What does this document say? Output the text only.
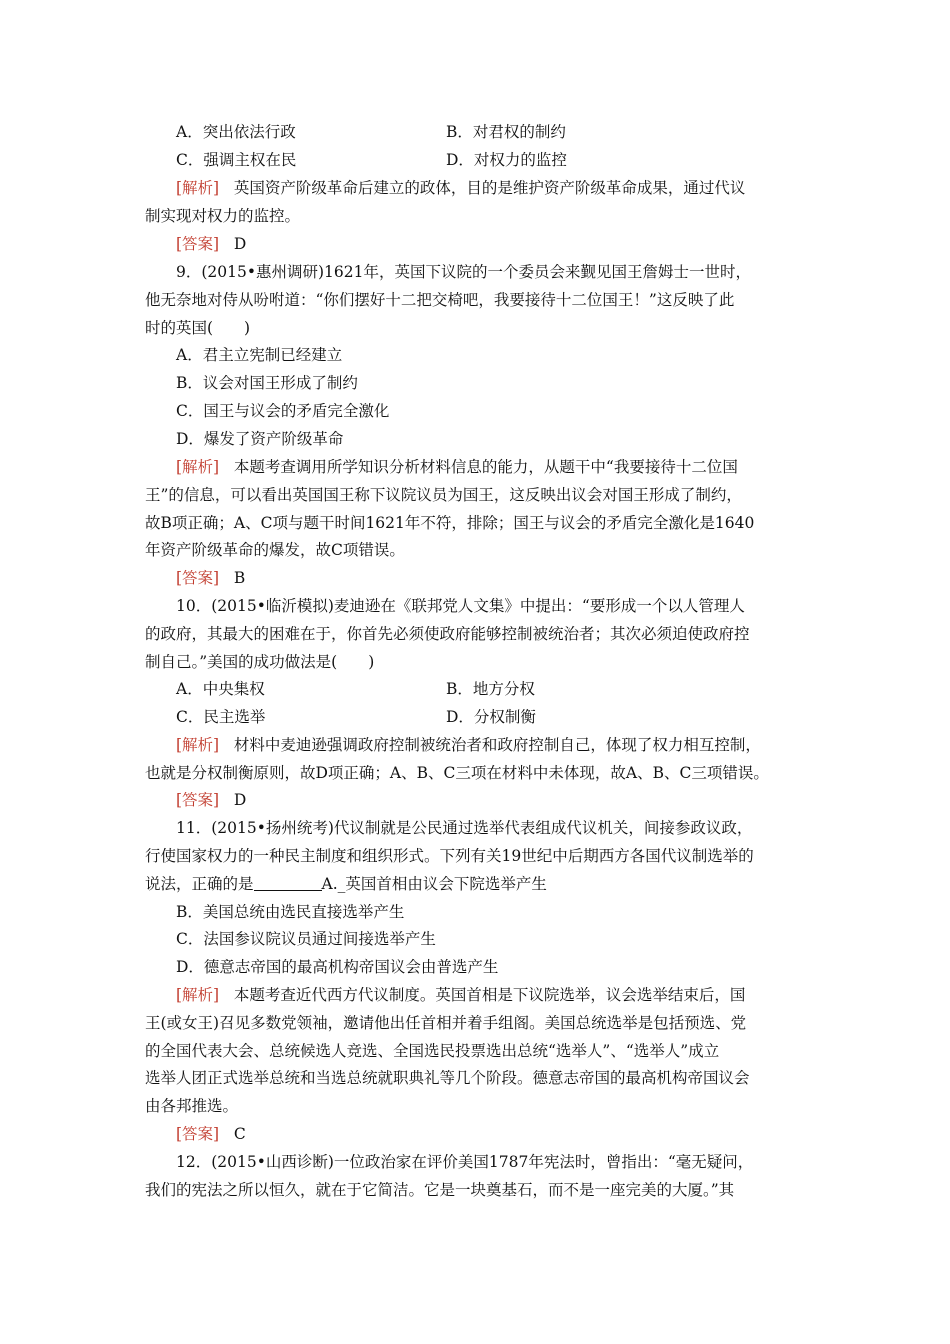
A．突出依法行政	B．对君权的制约
C．强调主权在民	D．对权力的监控
[解析] 英国资产阶级革命后建立的政体，目的是维护资产阶级革命成果，通过代议
制实现对权力的监控。
[答案] D
9．(2015•惠州调研)1621年，英国下议院的一个委员会来觐见国王詹姆士一世时，
他无奈地对侍从吩咐道：“你们摆好十二把交椅吧，我要接待十二位国王！”这反映了此
时的英国(　　)
A．君主立宪制已经建立
B．议会对国王形成了制约
C．国王与议会的矛盾完全激化
D．爆发了资产阶级革命
[解析] 本题考查调用所学知识分析材料信息的能力，从题干中“我要接待十二位国
王”的信息，可以看出英国国王称下议院议员为国王，这反映出议会对国王形成了制约，
故B项正确；A、C项与题干时间1621年不符，排除；国王与议会的矛盾完全激化是1640
年资产阶级革命的爆发，故C项错误。
[答案] B
10．(2015•临沂模拟)麦迪逊在《联邦党人文集》中提出：“要形成一个以人管理人
的政府，其最大的困难在于，你首先必须使政府能够控制被统治者；其次必须迫使政府控
制自己。”美国的成功做法是(　　)
A．中央集权	B．地方分权
C．民主选举	D．分权制衡
[解析] 材料中麦迪逊强调政府控制被统治者和政府控制自己，体现了权力相互控制，
也就是分权制衡原则，故D项正确；A、B、C三项在材料中未体现，故A、B、C三项错误。
[答案] D
11．(2015•扬州统考)代议制就是公民通过选举代表组成代议机关，间接参政议政，
行使国家权力的一种民主制度和组织形式。下列有关19世纪中后期西方各国代议制选举的
说法，正确的是	A._英国首相由议会下院选举产生
B．美国总统由选民直接选举产生
C．法国参议院议员通过间接选举产生
D．德意志帝国的最高机构帝国议会由普选产生
[解析] 本题考查近代西方代议制度。英国首相是下议院选举，议会选举结束后，国
王(或女王)召见多数党领袖，邀请他出任首相并着手组阁。美国总统选举是包括预选、党
的全国代表大会、总统候选人竞选、全国选民投票选出总统“选举人”、“选举人”成立
选举人团正式选举总统和当选总统就职典礼等几个阶段。德意志帝国的最高机构帝国议会
由各邦推选。
[答案] C
12．(2015•山西诊断)一位政治家在评价美国1787年宪法时，曾指出：“毫无疑问，
我们的宪法之所以恒久，就在于它简洁。它是一块奠基石，而不是一座完美的大厦。”其
